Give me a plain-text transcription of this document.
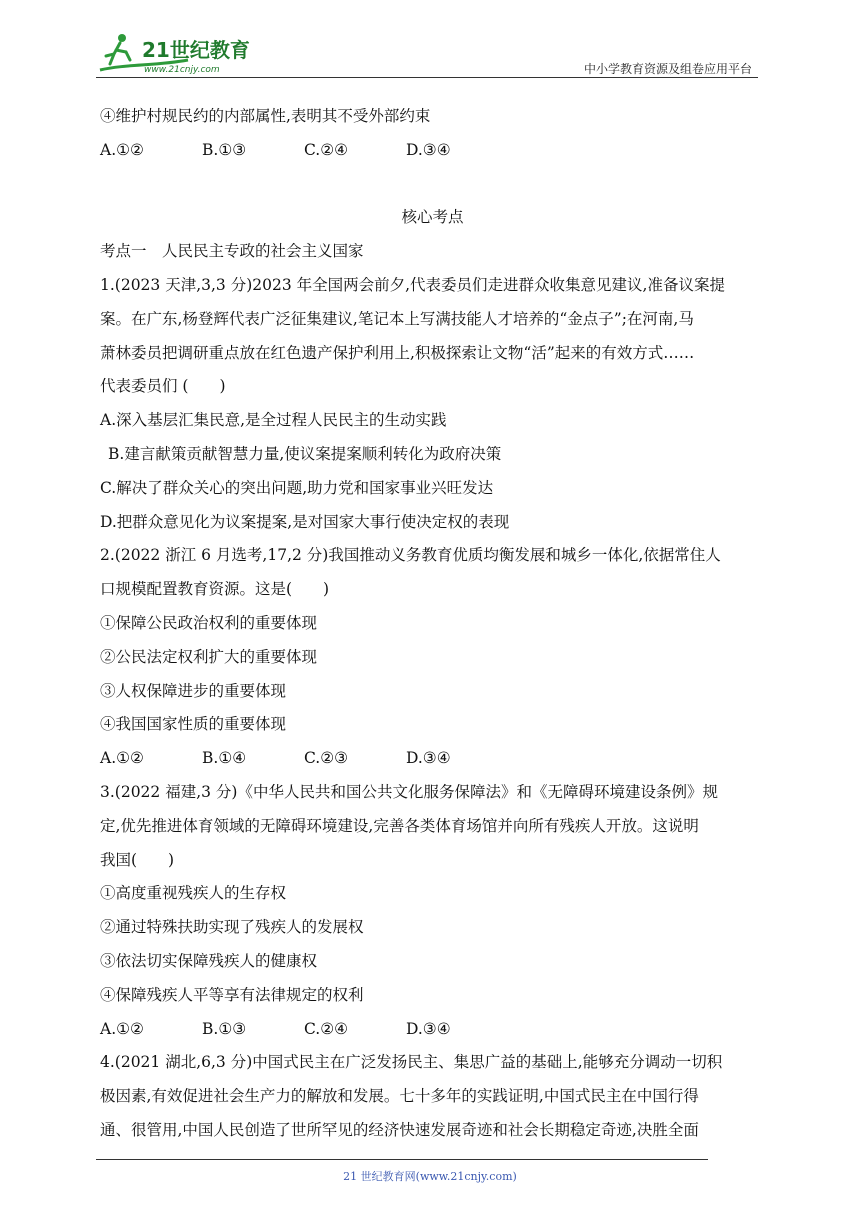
21世纪教育
www.21cnjy.com	中小学教育资源及组卷应用平台
④维护村规民约的内部属性,表明其不受外部约束
A.①②	B.①③	C.②④	D.③④
核心考点
考点一　人民民主专政的社会主义国家
1.(2023 天津,3,3 分)2023 年全国两会前夕,代表委员们走进群众收集意见建议,准备议案提
案。在广东,杨登辉代表广泛征集建议,笔记本上写满技能人才培养的“金点子”;在河南,马
萧林委员把调研重点放在红色遗产保护利用上,积极探索让文物“活”起来的有效方式……
代表委员们 (　　)
A.深入基层汇集民意,是全过程人民民主的生动实践
B.建言献策贡献智慧力量,使议案提案顺利转化为政府决策
C.解决了群众关心的突出问题,助力党和国家事业兴旺发达
D.把群众意见化为议案提案,是对国家大事行使决定权的表现
2.(2022 浙江 6 月选考,17,2 分)我国推动义务教育优质均衡发展和城乡一体化,依据常住人
口规模配置教育资源。这是(　　)
①保障公民政治权利的重要体现
②公民法定权利扩大的重要体现
③人权保障进步的重要体现
④我国国家性质的重要体现
A.①②	B.①④	C.②③	D.③④
3.(2022 福建,3 分)《中华人民共和国公共文化服务保障法》和《无障碍环境建设条例》规
定,优先推进体育领域的无障碍环境建设,完善各类体育场馆并向所有残疾人开放。这说明
我国(　　)
①高度重视残疾人的生存权
②通过特殊扶助实现了残疾人的发展权
③依法切实保障残疾人的健康权
④保障残疾人平等享有法律规定的权利
A.①②	B.①③	C.②④	D.③④
4.(2021 湖北,6,3 分)中国式民主在广泛发扬民主、集思广益的基础上,能够充分调动一切积
极因素,有效促进社会生产力的解放和发展。七十多年的实践证明,中国式民主在中国行得
通、很管用,中国人民创造了世所罕见的经济快速发展奇迹和社会长期稳定奇迹,决胜全面
21 世纪教育网(www.21cnjy.com)
